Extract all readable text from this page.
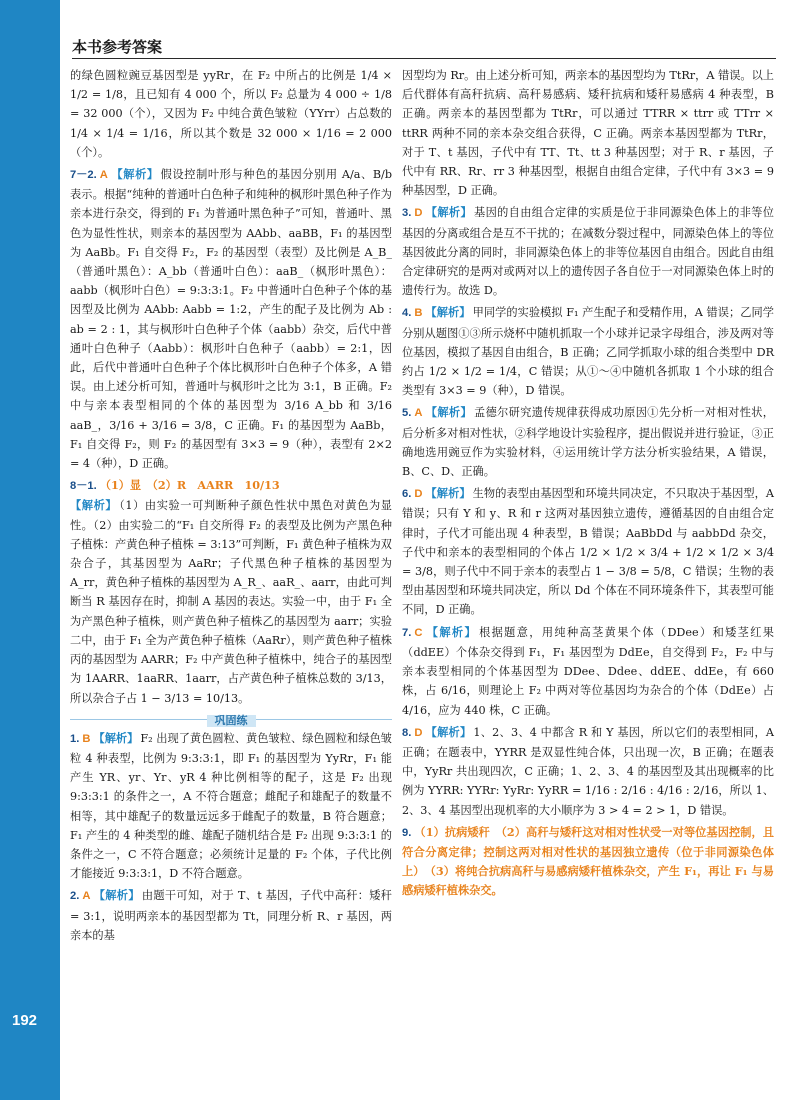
192
本书参考答案

的绿色圆粒豌豆基因型是 yyRr，在 F₂ 中所占的比例是 1/4 × 1/2 = 1/8，且已知有 4 000 个，所以 F₂ 总量为 4 000 ÷ 1/8 = 32 000（个），又因为 F₂ 中纯合黄色皱粒（YYrr）占总数的 1/4 × 1/4 = 1/16，所以其个数是 32 000 × 1/16 = 2 000（个）。

7－2. A 【解析】 假设控制叶形与种色的基因分别用 A/a、B/b 表示。根据“纯种的普通叶白色种子和纯种的枫形叶黑色种子作为亲本进行杂交，得到的 F₁ 为普通叶黑色种子”可知，普通叶、黑色为显性性状，则亲本的基因型为 AAbb、aaBB，F₁ 的基因型为 AaBb。F₁ 自交得 F₂，F₂ 的基因型（表型）及比例是 A_B_（普通叶黑色）：A_bb（普通叶白色）：aaB_（枫形叶黑色）：aabb（枫形叶白色）= 9:3:3:1。F₂ 中普通叶白色种子个体的基因型及比例为 AAbb: Aabb = 1:2，产生的配子及比例为 Ab : ab = 2 : 1，其与枫形叶白色种子个体（aabb）杂交，后代中普通叶白色种子（Aabb）：枫形叶白色种子（aabb）= 2:1，因此，后代中普通叶白色种子个体比枫形叶白色种子个体多，A 错误。由上述分析可知，普通叶与枫形叶之比为 3:1，B 正确。F₂ 中与亲本表型相同的个体的基因型为 3/16 A_bb 和 3/16 aaB_，3/16 + 3/16 = 3/8，C 正确。F₁ 的基因型为 AaBb，F₁ 自交得 F₂，则 F₂ 的基因型有 3×3 = 9（种），表型有 2×2 = 4（种），D 正确。

8－1. （1）显　（2）R　AARR　10/13

【解析】 （1）由实验一可判断种子颜色性状中黑色对黄色为显性。（2）由实验二的“F₁ 自交所得 F₂ 的表型及比例为产黑色种子植株：产黄色种子植株 = 3:13”可判断，F₁ 黄色种子植株为双杂合子，其基因型为 AaRr；子代黑色种子植株的基因型为 A_rr，黄色种子植株的基因型为 A_R_、aaR_、aarr，由此可判断当 R 基因存在时，抑制 A 基因的表达。实验一中，由于 F₁ 全为产黑色种子植株，则产黄色种子植株乙的基因型为 aarr；实验二中，由于 F₁ 全为产黄色种子植株（AaRr），则产黄色种子植株丙的基因型为 AARR；F₂ 中产黄色种子植株中，纯合子的基因型为 1AARR、1aaRR、1aarr，占产黄色种子植株总数的 3/13，所以杂合子占 1 − 3/13 = 10/13。

巩固练

1. B 【解析】 F₂ 出现了黄色圆粒、黄色皱粒、绿色圆粒和绿色皱粒 4 种表型，比例为 9:3:3:1，即 F₁ 的基因型为 YyRr，F₁ 能产生 YR、yr、Yr、yR 4 种比例相等的配子，这是 F₂ 出现 9:3:3:1 的条件之一，A 不符合题意；雌配子和雄配子的数量不相等，其中雄配子的数量远远多于雌配子的数量，B 符合题意；F₁ 产生的 4 种类型的雌、雄配子随机结合是 F₂ 出现 9:3:3:1 的条件之一，C 不符合题意；必须统计足量的 F₂ 个体，子代比例才能接近 9:3:3:1，D 不符合题意。

2. A 【解析】 由题干可知，对于 T、t 基因，子代中高秆：矮秆 = 3:1，说明两亲本的基因型都为 Tt，同理分析 R、r 基因，两亲本的基

因型均为 Rr。由上述分析可知，两亲本的基因型均为 TtRr，A 错误。以上后代群体有高秆抗病、高秆易感病、矮秆抗病和矮秆易感病 4 种表型，B 正确。两亲本的基因型都为 TtRr，可以通过 TTRR × ttrr 或 TTrr × ttRR 两种不同的亲本杂交组合获得，C 正确。两亲本基因型都为 TtRr，对于 T、t 基因，子代中有 TT、Tt、tt 3 种基因型；对于 R、r 基因，子代中有 RR、Rr、rr 3 种基因型，根据自由组合定律，子代中有 3×3 = 9 种基因型，D 正确。

3. D 【解析】 基因的自由组合定律的实质是位于非同源染色体上的非等位基因的分离或组合是互不干扰的；在减数分裂过程中，同源染色体上的等位基因彼此分离的同时，非同源染色体上的非等位基因自由组合。因此自由组合定律研究的是两对或两对以上的遗传因子各自位于一对同源染色体上时的遗传行为。故选 D。

4. B 【解析】 甲同学的实验模拟 F₁ 产生配子和受精作用，A 错误；乙同学分别从题图①③所示烧杯中随机抓取一个小球并记录字母组合，涉及两对等位基因，模拟了基因自由组合，B 正确；乙同学抓取小球的组合类型中 DR 约占 1/2 × 1/2 = 1/4，C 错误；从①～④中随机各抓取 1 个小球的组合类型有 3×3 = 9（种），D 错误。

5. A 【解析】 孟德尔研究遗传规律获得成功原因①先分析一对相对性状，后分析多对相对性状，②科学地设计实验程序，提出假说并进行验证，③正确地选用豌豆作为实验材料，④运用统计学方法分析实验结果，A 错误，B、C、D、正确。

6. D 【解析】 生物的表型由基因型和环境共同决定，不只取决于基因型，A 错误；只有 Y 和 y、R 和 r 这两对基因独立遗传，遵循基因的自由组合定律时，子代才可能出现 4 种表型，B 错误；AaBbDd 与 aabbDd 杂交，子代中和亲本的表型相同的个体占 1/2 × 1/2 × 3/4 + 1/2 × 1/2 × 3/4 = 3/8，则子代中不同于亲本的表型占 1 − 3/8 = 5/8，C 错误；生物的表型由基因型和环境共同决定，所以 Dd 个体在不同环境条件下，其表型可能不同，D 正确。

7. C 【解析】 根据题意，用纯种高茎黄果个体（DDee）和矮茎红果（ddEE）个体杂交得到 F₁，F₁ 基因型为 DdEe，自交得到 F₂，F₂ 中与亲本表型相同的个体基因型为 DDee、Ddee、ddEE、ddEe，有 660 株，占 6/16，则理论上 F₂ 中两对等位基因均为杂合的个体（DdEe）占 4/16，应为 440 株，C 正确。

8. D 【解析】 1、2、3、4 中都含 R 和 Y 基因，所以它们的表型相同，A 正确；在题表中，YYRR 是双显性纯合体，只出现一次，B 正确；在题表中，YyRr 共出现四次，C 正确；1、2、3、4 的基因型及其出现概率的比例为 YYRR: YYRr: YyRr: YyRR = 1/16 : 2/16 : 4/16 : 2/16，所以 1、2、3、4 基因型出现机率的大小顺序为 3 > 4 = 2 > 1，D 错误。

9. （1）抗病矮秆　（2）高秆与矮秆这对相对性状受一对等位基因控制，且符合分离定律；控制这两对相对性状的基因独立遗传（位于非同源染色体上）　（3）将纯合抗病高秆与易感病矮秆植株杂交，产生 F₁，再让 F₁ 与易感病矮秆植株杂交。
